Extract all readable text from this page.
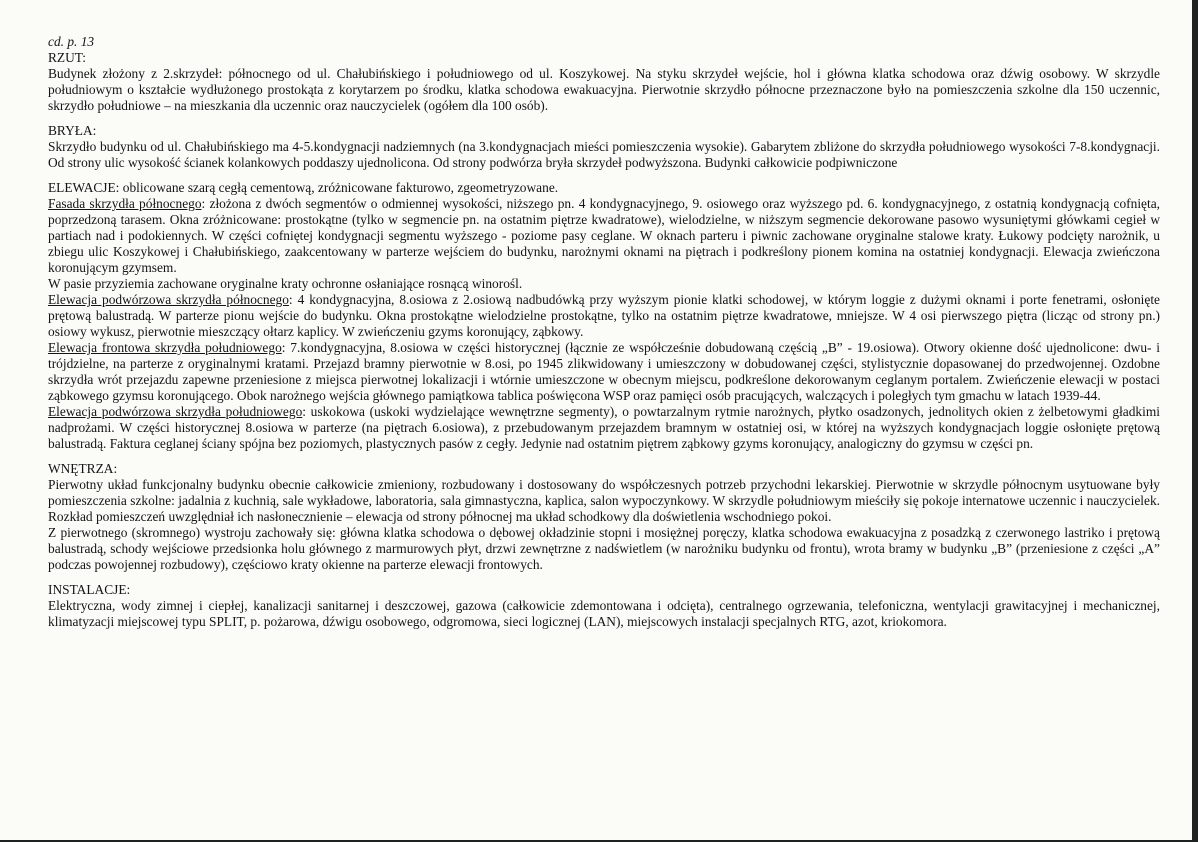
cd. p. 13
RZUT:

Budynek złożony z 2.skrzydeł: północnego od ul. Chałubińskiego i południowego od ul. Koszykowej. Na styku skrzydeł wejście, hol i główna klatka schodowa oraz dźwig osobowy. W skrzydle południowym o kształcie wydłużonego prostokąta z korytarzem po środku, klatka schodowa ewakuacyjna. Pierwotnie skrzydło północne przeznaczone było na pomieszczenia szkolne dla 150 uczennic, skrzydło południowe – na mieszkania dla uczennic oraz nauczycielek (ogółem dla 100 osób).

BRYŁA:

Skrzydło budynku od ul. Chałubińskiego ma 4-5.kondygnacji nadziemnych (na 3.kondygnacjach mieści pomieszczenia wysokie). Gabarytem zbliżone do skrzydła południowego wysokości 7-8.kondygnacji. Od strony ulic wysokość ścianek kolankowych poddaszy ujednolicona. Od strony podwórza bryła skrzydeł podwyższona. Budynki całkowicie podpiwniczone

ELEWACJE: oblicowane szarą cegłą cementową, zróżnicowane fakturowo, zgeometryzowane.

Fasada skrzydła północnego: złożona z dwóch segmentów o odmiennej wysokości, niższego pn. 4 kondygnacyjnego, 9. osiowego oraz wyższego pd. 6. kondygnacyjnego, z ostatnią kondygnacją cofnięta, poprzedzoną tarasem. Okna zróżnicowane: prostokątne (tylko w segmencie pn. na ostatnim piętrze kwadratowe), wielodzielne, w niższym segmencie dekorowane pasowo wysuniętymi główkami cegieł w partiach nad i podokiennych. W części cofniętej kondygnacji segmentu wyższego - poziome pasy ceglane. W oknach parteru i piwnic zachowane oryginalne stalowe kraty. Łukowy podcięty narożnik, u zbiegu ulic Koszykowej i Chałubińskiego, zaakcentowany w parterze wejściem do budynku, narożnymi oknami na piętrach i podkreślony pionem komina na ostatniej kondygnacji. Elewacja zwieńczona koronującym gzymsem.

W pasie przyziemia zachowane oryginalne kraty ochronne osłaniające rosnącą winorośl.

Elewacja podwórzowa skrzydła północnego: 4 kondygnacyjna, 8.osiowa z 2.osiową nadbudówką przy wyższym pionie klatki schodowej, w którym loggie z dużymi oknami i porte fenetrami, osłonięte prętową balustradą. W parterze pionu wejście do budynku. Okna prostokątne wielodzielne prostokątne, tylko na ostatnim piętrze kwadratowe, mniejsze. W 4 osi pierwszego piętra (licząc od strony pn.) osiowy wykusz, pierwotnie mieszczący ołtarz kaplicy. W zwieńczeniu gzyms koronujący, ząbkowy.

Elewacja frontowa skrzydła południowego: 7.kondygnacyjna, 8.osiowa w części historycznej (łącznie ze współcześnie dobudowaną częścią „B” - 19.osiowa). Otwory okienne dość ujednolicone: dwu- i trójdzielne, na parterze z oryginalnymi kratami. Przejazd bramny pierwotnie w 8.osi, po 1945 zlikwidowany i umieszczony w dobudowanej części, stylistycznie dopasowanej do przedwojennej. Ozdobne skrzydła wrót przejazdu zapewne przeniesione z miejsca pierwotnej lokalizacji i wtórnie umieszczone w obecnym miejscu, podkreślone dekorowanym ceglanym portalem. Zwieńczenie elewacji w postaci ząbkowego gzymsu koronującego. Obok narożnego wejścia głównego pamiątkowa tablica poświęcona WSP oraz pamięci osób pracujących, walczących i poległych tym gmachu w latach 1939-44.

Elewacja podwórzowa skrzydła południowego: uskokowa (uskoki wydzielające wewnętrzne segmenty), o powtarzalnym rytmie narożnych, płytko osadzonych, jednolitych okien z żelbetowymi gładkimi nadprożami. W części historycznej 8.osiowa w parterze (na piętrach 6.osiowa), z przebudowanym przejazdem bramnym w ostatniej osi, w której na wyższych kondygnacjach loggie osłonięte prętową balustradą. Faktura ceglanej ściany spójna bez poziomych, plastycznych pasów z cegły. Jedynie nad ostatnim piętrem ząbkowy gzyms koronujący, analogiczny do gzymsu w części pn.

WNĘTRZA:

Pierwotny układ funkcjonalny budynku obecnie całkowicie zmieniony, rozbudowany i dostosowany do współczesnych potrzeb przychodni lekarskiej. Pierwotnie w skrzydle północnym usytuowane były pomieszczenia szkolne: jadalnia z kuchnią, sale wykładowe, laboratoria, sala gimnastyczna, kaplica, salon wypoczynkowy. W skrzydle południowym mieściły się pokoje internatowe uczennic i nauczycielek. Rozkład pomieszczeń uwzględniał ich nasłonecznienie – elewacja od strony północnej ma układ schodkowy dla doświetlenia wschodniego pokoi.

Z pierwotnego (skromnego) wystroju zachowały się: główna klatka schodowa o dębowej okładzinie stopni i mosiężnej poręczy, klatka schodowa ewakuacyjna z posadzką z czerwonego lastriko i prętową balustradą, schody wejściowe przedsionka holu głównego z marmurowych płyt, drzwi zewnętrzne z nadświetlem (w narożniku budynku od frontu), wrota bramy w budynku „B” (przeniesione z części „A” podczas powojennej rozbudowy), częściowo kraty okienne na parterze elewacji frontowych.

INSTALACJE:

Elektryczna, wody zimnej i ciepłej, kanalizacji sanitarnej i deszczowej, gazowa (całkowicie zdemontowana i odcięta), centralnego ogrzewania, telefoniczna, wentylacji grawitacyjnej i mechanicznej, klimatyzacji miejscowej typu SPLIT, p. pożarowa, dźwigu osobowego, odgromowa, sieci logicznej (LAN), miejscowych instalacji specjalnych RTG, azot, kriokomora.
